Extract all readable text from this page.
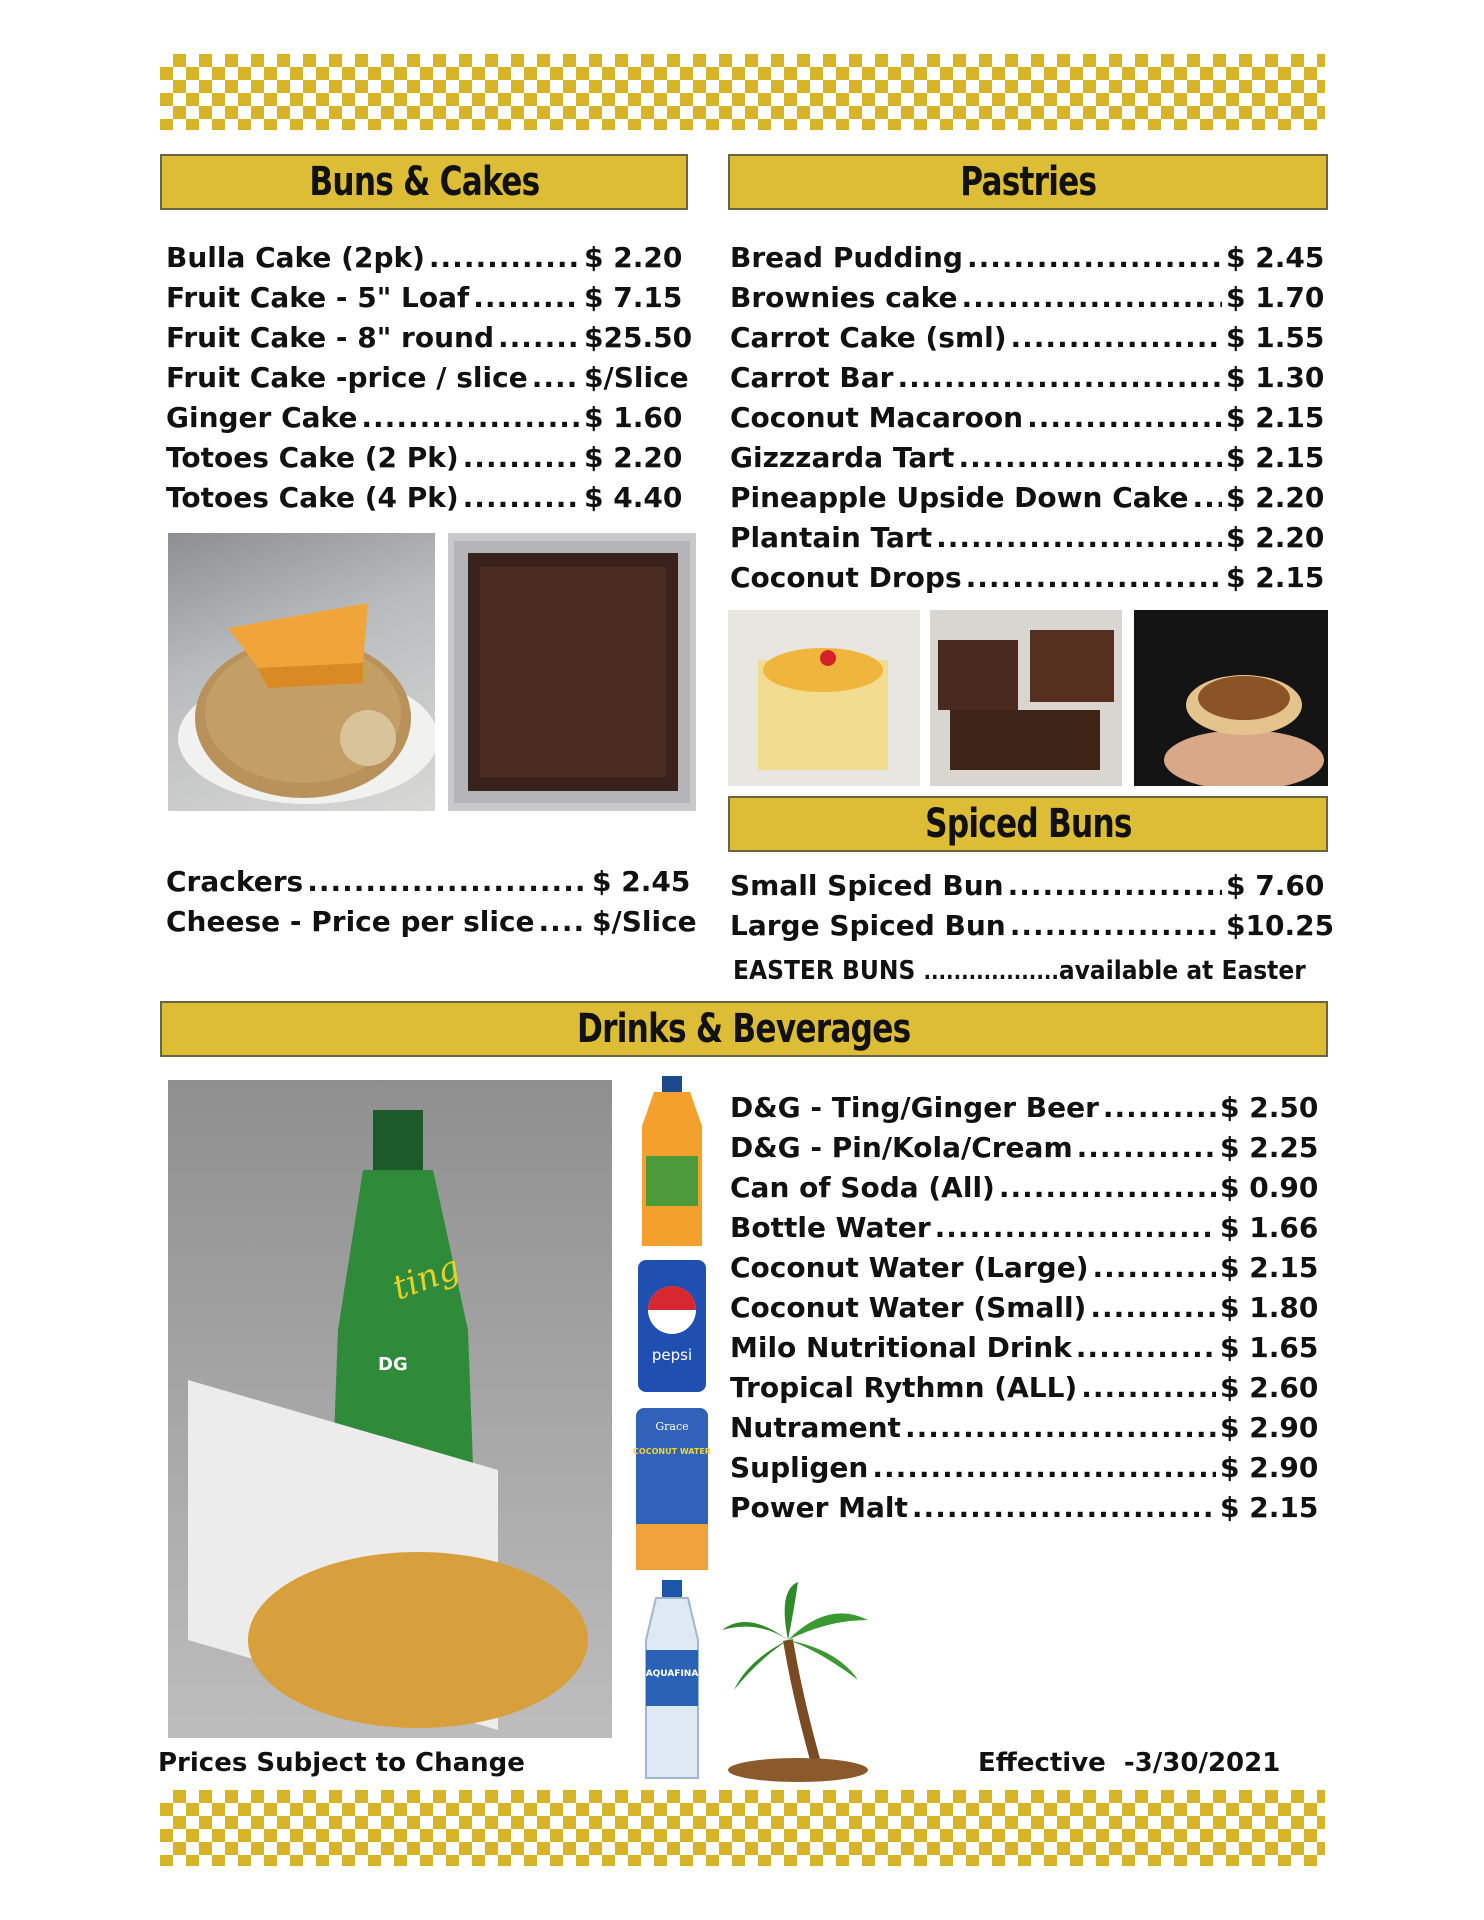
Buns & Cakes	Pastries
Spiced Buns
Drinks & Beverages
Bulla Cake (2pk) .....	$ 2.20
Fruit Cake - 5" Loaf .....	$ 7.15
Fruit Cake - 8" round .....	$25.50
Fruit Cake -price / slice ..... $/Slice
Ginger Cake .....	$ 1.60
Totoes Cake (2 Pk) .....	$ 2.20
Totoes Cake (4 Pk) .....	$ 4.40
Bread Pudding .....	$ 2.45
Brownies cake .....	$ 1.70
Carrot Cake (sml) .....	$ 1.55
Carrot Bar .....	$ 1.30
Coconut Macaroon .....	$ 2.15
Gizzzarda Tart .....	$ 2.15
Pineapple Upside Down Cake ..... $ 2.20
Plantain Tart .....	$ 2.20
Coconut Drops .....	$ 2.15
Crackers .....	$ 2.45
Cheese - Price per slice ..... $/Slice
Small Spiced Bun .....	$ 7.60
Large Spiced Bun .....	$10.25
EASTER BUNS ..................available at Easter
D&G - Ting/Ginger Beer .....	$ 2.50
D&G - Pin/Kola/Cream .....	$ 2.25
Can of Soda (All) .....	$ 0.90
Bottle Water .....	$ 1.66
Coconut Water (Large) .....	$ 2.15
Coconut Water (Small) .....	$ 1.80
Milo Nutritional Drink .....	$ 1.65
Tropical Rythmn (ALL) .....	$ 2.60
Nutrament .....	$ 2.90
Supligen .....	$ 2.90
Power Malt .....	$ 2.15
ting
DG	pepsi
Grace
COCONUT WATER
AQUAFINA
Prices Subject to Change	Effective  -3/30/2021
